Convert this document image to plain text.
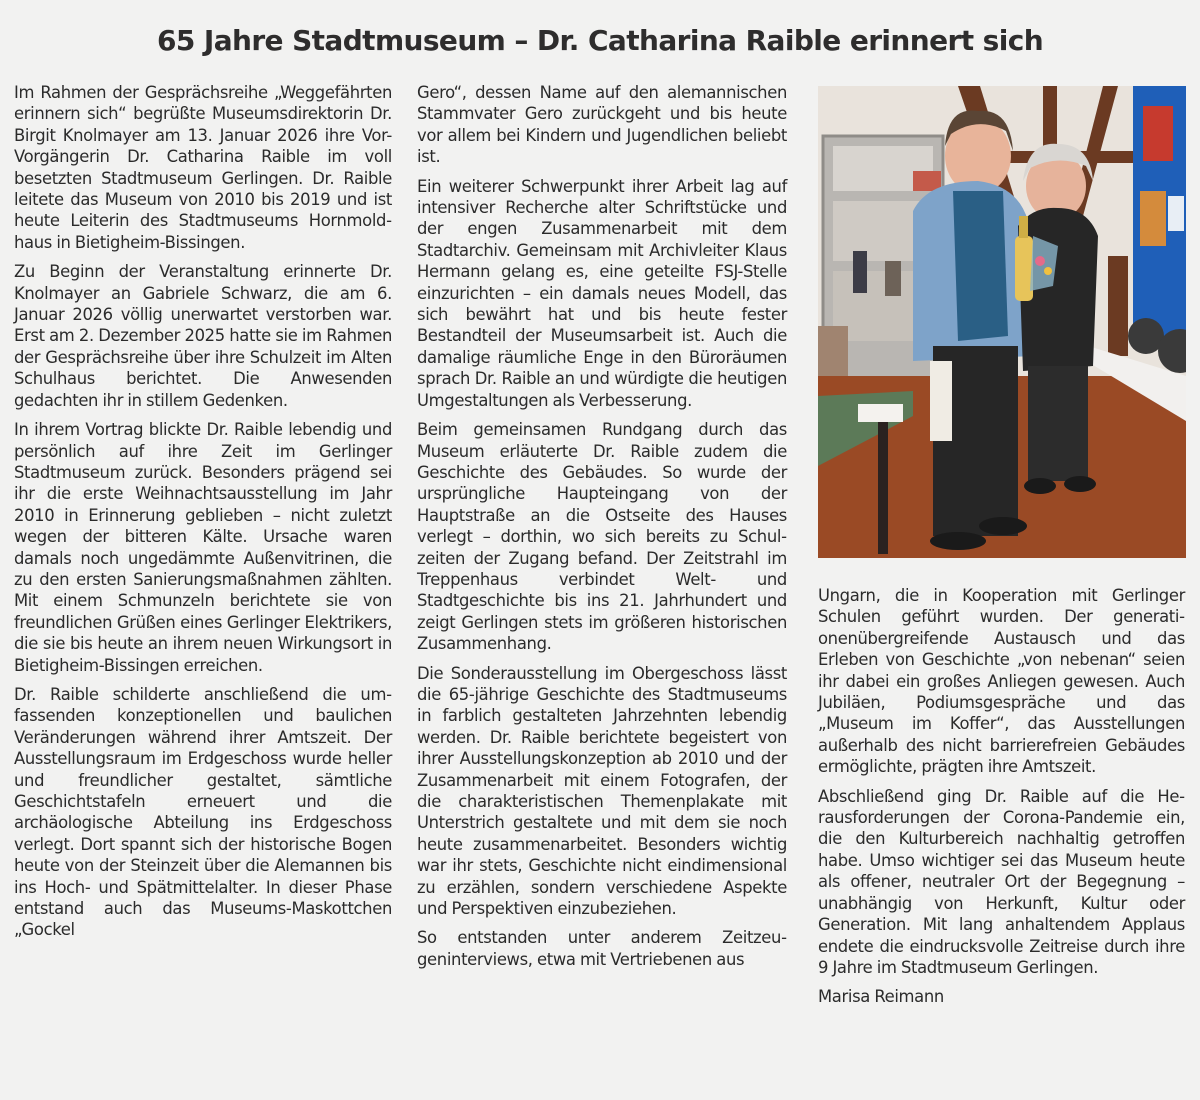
65 Jahre Stadtmuseum – Dr. Catharina Raible erinnert sich

Im Rahmen der Gesprächsreihe „Weggefährten erinnern sich“ begrüßte Museumsdirektorin Dr. Birgit Knolmayer am 13. Januar 2026 ihre Vor-Vorgängerin Dr. Catharina Raible im voll besetzten Stadtmuseum Gerlingen. Dr. Raible leitete das Museum von 2010 bis 2019 und ist heute Leiterin des Stadtmuseums Hornmoldhaus in Bietigheim-Bissingen.

Zu Beginn der Veranstaltung erinnerte Dr. Knolmayer an Gabriele Schwarz, die am 6. Januar 2026 völlig unerwartet verstorben war. Erst am 2. Dezember 2025 hatte sie im Rahmen der Gesprächsreihe über ihre Schulzeit im Alten Schulhaus berichtet. Die Anwesenden gedachten ihr in stillem Gedenken.

In ihrem Vortrag blickte Dr. Raible lebendig und persönlich auf ihre Zeit im Gerlinger Stadtmuseum zurück. Besonders prägend sei ihr die erste Weihnachtsausstellung im Jahr 2010 in Erinnerung geblieben – nicht zuletzt wegen der bitteren Kälte. Ursache waren damals noch ungedämmte Außenvitrinen, die zu den ersten Sanierungsmaßnahmen zählten. Mit einem Schmunzeln berichtete sie von freundlichen Grüßen eines Gerlinger Elektrikers, die sie bis heute an ihrem neuen Wirkungsort in Bietigheim-Bissingen erreichen.

Dr. Raible schilderte anschließend die umfassenden konzeptionellen und baulichen Veränderungen während ihrer Amtszeit. Der Ausstellungsraum im Erdgeschoss wurde heller und freundlicher gestaltet, sämtliche Geschichtstafeln erneuert und die archäologische Abteilung ins Erdgeschoss verlegt. Dort spannt sich der historische Bogen heute von der Steinzeit über die Alemannen bis ins Hoch- und Spätmittelalter. In dieser Phase entstand auch das Museums-Maskottchen „Gockel

Gero“, dessen Name auf den alemannischen Stammvater Gero zurückgeht und bis heute vor allem bei Kindern und Jugendlichen beliebt ist.

Ein weiterer Schwerpunkt ihrer Arbeit lag auf intensiver Recherche alter Schriftstücke und der engen Zusammenarbeit mit dem Stadtarchiv. Gemeinsam mit Archivleiter Klaus Hermann gelang es, eine geteilte FSJ-Stelle einzurichten – ein damals neues Modell, das sich bewährt hat und bis heute fester Bestandteil der Museumsarbeit ist. Auch die damalige räumliche Enge in den Büroräumen sprach Dr. Raible an und würdigte die heutigen Umgestaltungen als Verbesserung.

Beim gemeinsamen Rundgang durch das Museum erläuterte Dr. Raible zudem die Geschichte des Gebäudes. So wurde der ursprüngliche Haupteingang von der Hauptstraße an die Ostseite des Hauses verlegt – dorthin, wo sich bereits zu Schulzeiten der Zugang befand. Der Zeitstrahl im Treppenhaus verbindet Welt- und Stadtgeschichte bis ins 21. Jahrhundert und zeigt Gerlingen stets im größeren historischen Zusammenhang.

Die Sonderausstellung im Obergeschoss lässt die 65-jährige Geschichte des Stadtmuseums in farblich gestalteten Jahrzehnten lebendig werden. Dr. Raible berichtete begeistert von ihrer Ausstellungskonzeption ab 2010 und der Zusammenarbeit mit einem Fotografen, der die charakteristischen Themenplakate mit Unterstrich gestaltete und mit dem sie noch heute zusammenarbeitet. Besonders wichtig war ihr stets, Geschichte nicht eindimensional zu erzählen, sondern verschiedene Aspekte und Perspektiven einzubeziehen.

So entstanden unter anderem Zeitzeugeninterviews, etwa mit Vertriebenen aus

Ungarn, die in Kooperation mit Gerlinger Schulen geführt wurden. Der generationenübergreifende Austausch und das Erleben von Geschichte „von nebenan“ seien ihr dabei ein großes Anliegen gewesen. Auch Jubiläen, Podiumsgespräche und das „Museum im Koffer“, das Ausstellungen außerhalb des nicht barrierefreien Gebäudes ermöglichte, prägten ihre Amtszeit.

Abschließend ging Dr. Raible auf die Herausforderungen der Corona-Pandemie ein, die den Kulturbereich nachhaltig getroffen habe. Umso wichtiger sei das Museum heute als offener, neutraler Ort der Begegnung – unabhängig von Herkunft, Kultur oder Generation. Mit lang anhaltendem Applaus endete die eindrucksvolle Zeitreise durch ihre 9 Jahre im Stadtmuseum Gerlingen.

Marisa Reimann
